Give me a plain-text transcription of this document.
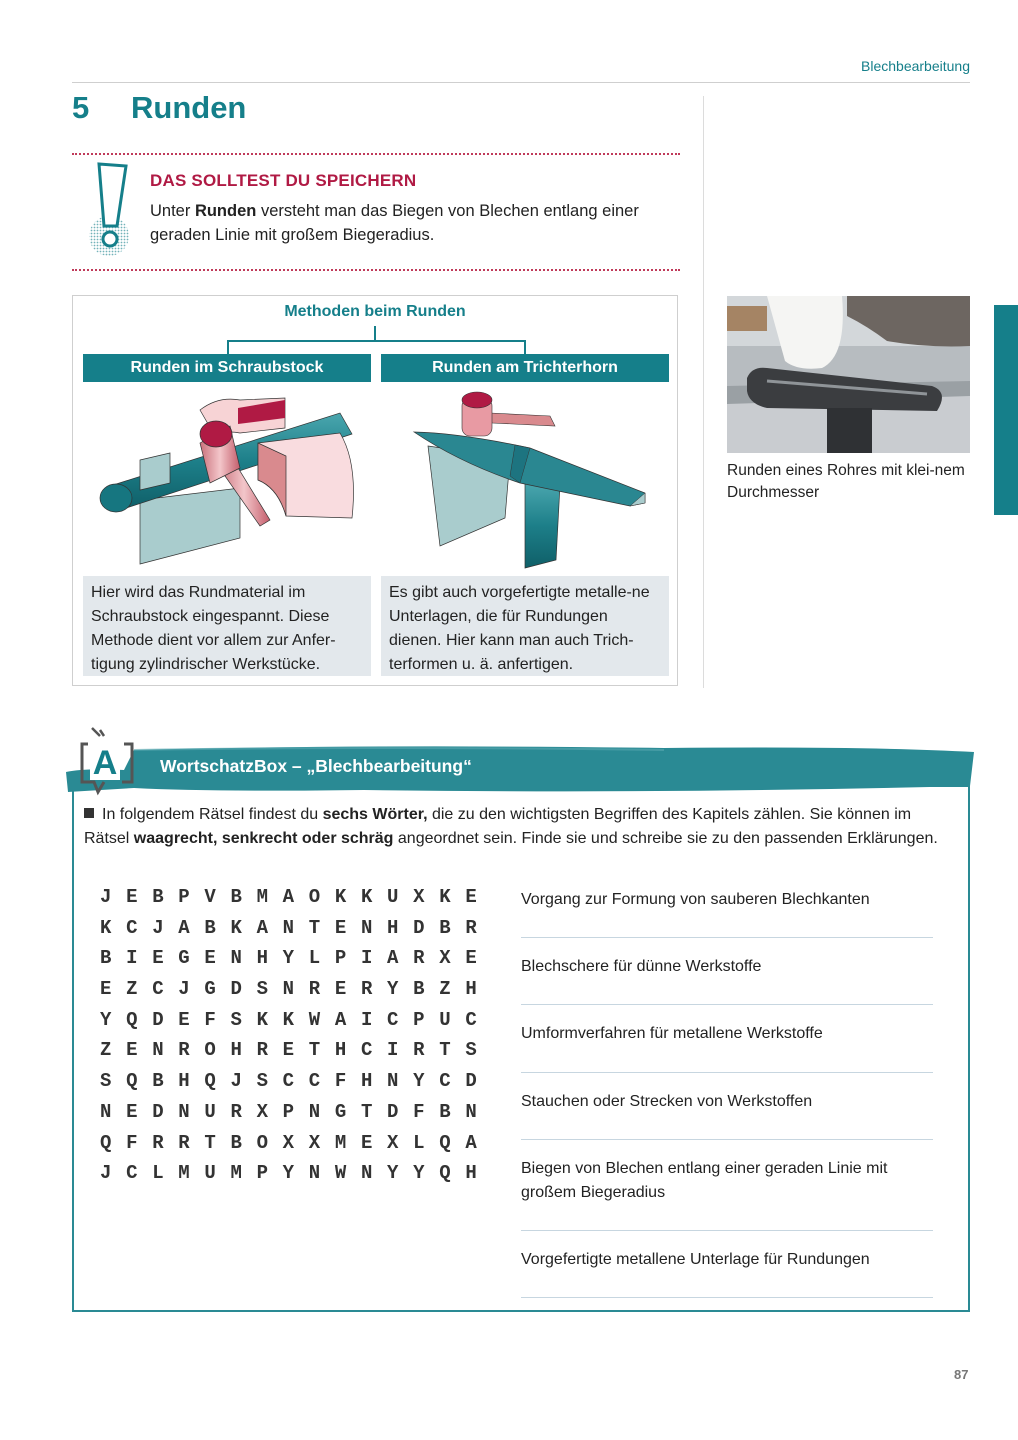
Blechbearbeitung
5 Runden
DAS SOLLTEST DU SPEICHERN
Unter Runden versteht man das Biegen von Blechen entlang einer geraden Linie mit großem Biegeradius.
Methoden beim Runden
Runden im Schraubstock	Runden am Trichterhorn
Hier wird das Rundmaterial im Schraubstock eingespannt. Diese Methode dient vor allem zur Anfer-tigung zylindrischer Werkstücke.
Es gibt auch vorgefertigte metalle-ne Unterlagen, die für Rundungen dienen. Hier kann man auch Trich-terformen u. ä. anfertigen.
Runden eines Rohres mit klei-nem Durchmesser
A WortschatzBox – „Blechbearbeitung“
In folgendem Rätsel findest du sechs Wörter, die zu den wichtigsten Begriffen des Kapitels zählen. Sie können im Rätsel waagrecht, senkrecht oder schräg angeordnet sein. Finde sie und schreibe sie zu den passenden Erklärungen.
J E B P V B M A O K K U X K E
K C J A B K A N T E N H D B R
B I E G E N H Y L P I A R X E
E Z C J G D S N R E R Y B Z H
Y Q D E F S K K W A I C P U C
Z E N R O H R E T H C I R T S
S Q B H Q J S C C F H N Y C D
N E D N U R X P N G T D F B N
Q F R R T B O X X M E X L Q A
J C L M U M P Y N W N Y Y Q H
Vorgang zur Formung von sauberen Blechkanten
Blechschere für dünne Werkstoffe
Umformverfahren für metallene Werkstoffe
Stauchen oder Strecken von Werkstoffen
Biegen von Blechen entlang einer geraden Linie mit großem Biegeradius
Vorgefertigte metallene Unterlage für Rundungen
87
